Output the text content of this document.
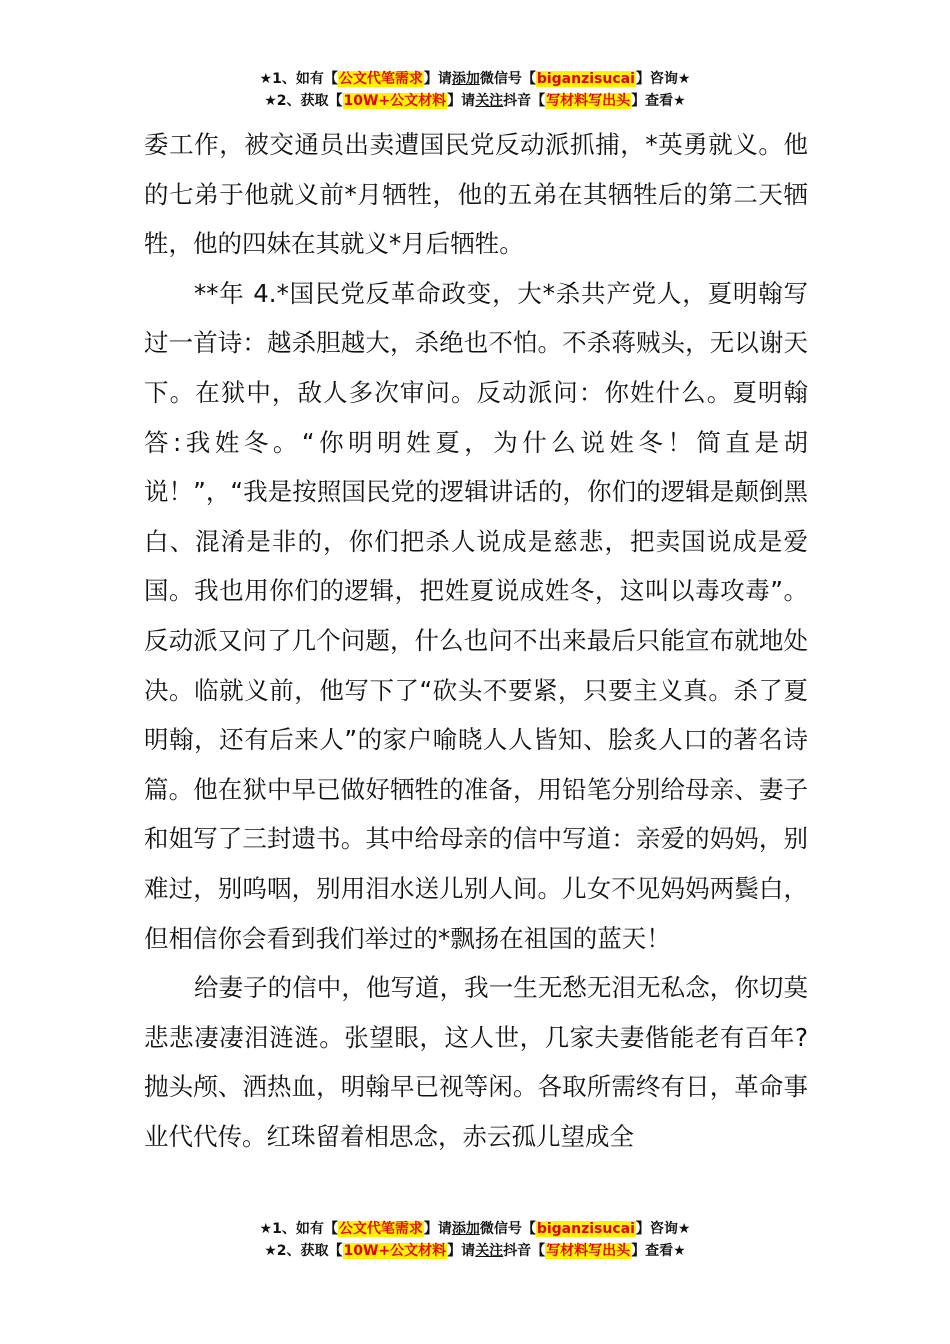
★1、如有【公文代笔需求】请添加微信号【biganzisucai】咨询★
★2、获取【10W+公文材料】请关注抖音【写材料写出头】查看★

委工作，被交通员出卖遭国民党反动派抓捕，*英勇就义。他的七弟于他就义前*月牺牲，他的五弟在其牺牲后的第二天牺牲，他的四妹在其就义*月后牺牲。

**年 4.*国民党反革命政变，大*杀共产党人，夏明翰写过一首诗：越杀胆越大，杀绝也不怕。不杀蒋贼头，无以谢天下。在狱中，敌人多次审问。反动派问：你姓什么。夏明翰答:我姓冬。“你明明姓夏，为什么说姓冬！简直是胡说！”，“我是按照国民党的逻辑讲话的，你们的逻辑是颠倒黑白、混淆是非的，你们把杀人说成是慈悲，把卖国说成是爱国。我也用你们的逻辑，把姓夏说成姓冬，这叫以毒攻毒”。反动派又问了几个问题，什么也问不出来最后只能宣布就地处决。临就义前，他写下了“砍头不要紧，只要主义真。杀了夏明翰，还有后来人”的家户喻晓人人皆知、脍炙人口的著名诗篇。他在狱中早已做好牺牲的准备，用铅笔分别给母亲、妻子和姐写了三封遗书。其中给母亲的信中写道：亲爱的妈妈，别难过，别呜咽，别用泪水送儿别人间。儿女不见妈妈两鬓白，但相信你会看到我们举过的*飘扬在祖国的蓝天！

给妻子的信中，他写道，我一生无愁无泪无私念，你切莫悲悲凄凄泪涟涟。张望眼，这人世，几家夫妻偕能老有百年?抛头颅、洒热血，明翰早已视等闲。各取所需终有日，革命事业代代传。红珠留着相思念，赤云孤儿望成全

★1、如有【公文代笔需求】请添加微信号【biganzisucai】咨询★
★2、获取【10W+公文材料】请关注抖音【写材料写出头】查看★
